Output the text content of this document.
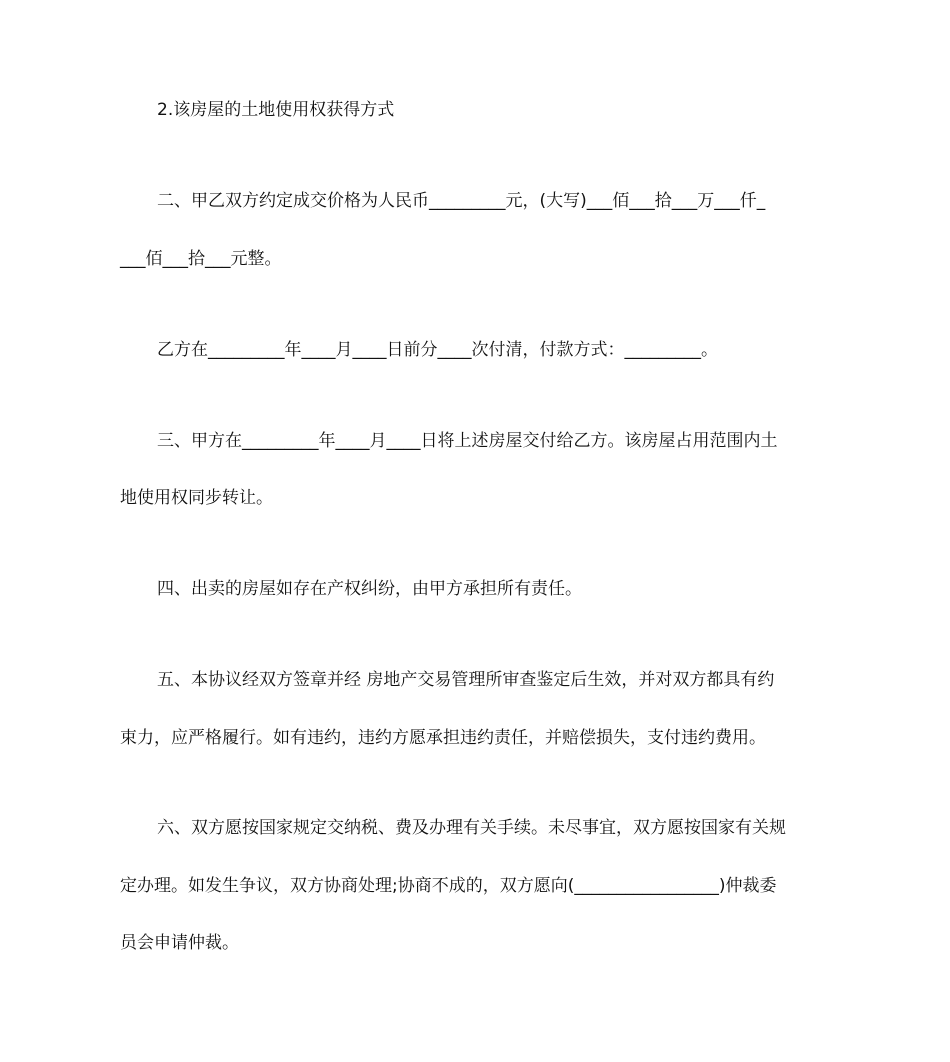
2.该房屋的土地使用权获得方式
二、甲乙双方约定成交价格为人民币_________元，(大写)___佰___拾___万___仟_
___佰___拾___元整。
乙方在_________年____月____日前分____次付清，付款方式：_________。
三、甲方在_________年____月____日将上述房屋交付给乙方。该房屋占用范围内土
地使用权同步转让。
四、出卖的房屋如存在产权纠纷，由甲方承担所有责任。
五、本协议经双方签章并经 房地产交易管理所审查鉴定后生效，并对双方都具有约
束力，应严格履行。如有违约，违约方愿承担违约责任，并赔偿损失，支付违约费用。
六、双方愿按国家规定交纳税、费及办理有关手续。未尽事宜，双方愿按国家有关规
定办理。如发生争议，双方协商处理;协商不成的，双方愿向(_________________)仲裁委
员会申请仲裁。
